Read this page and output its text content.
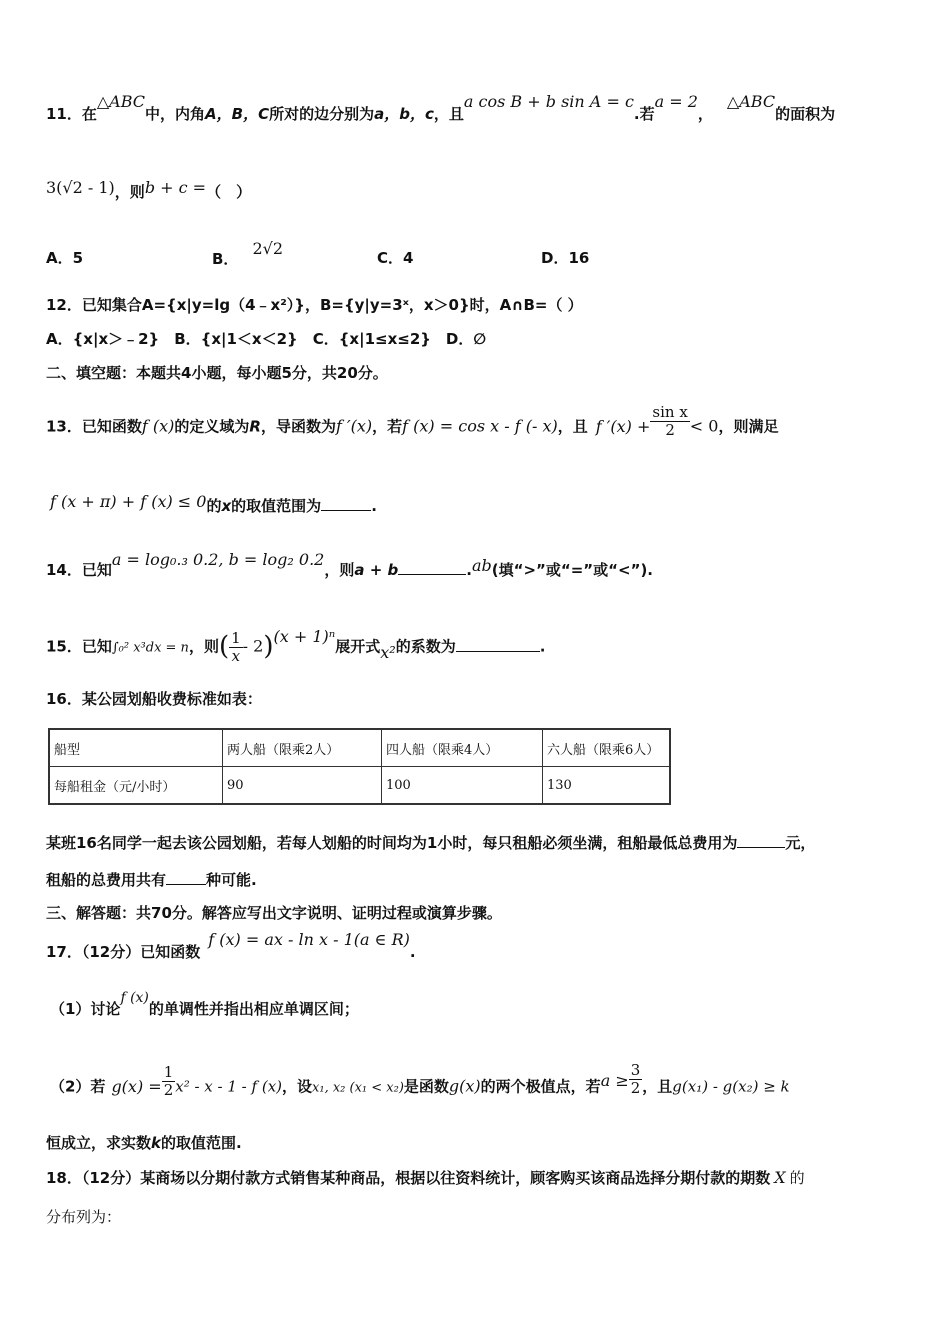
11．在△ABC中，内角A，B，C所对的边分别为a，b，c，且a cos B + b sin A = c.若a = 2，△ABC的面积为
3(√2 - 1)，则b + c =（　）
A．5	B．2√2	C．4	D．16
12．已知集合A={x|y=lg（4﹣x²）}，B={y|y=3ˣ，x＞0}时，A∩B=（ ）
A．{x|x＞﹣2}　B．{x|1＜x＜2}　C．{x|1≤x≤2}　D．∅
二、填空题：本题共4小题，每小题5分，共20分。
13．已知函数f (x)的定义域为R，导函数为f ′(x)，若f (x) = cos x - f (- x)，且 f $'(x) + \frac{\text{sin x}}{2} < 0$，则满足
f (x + π) + f (x) ≤ 0的x的取值范围为	.
14．已知a = log₀.₃ 0.2, b = log₂ 0.2，则a + b	.ab(填“>”或“=”或“<”).
15．已知∫₀² x³dx = n，则( $\frac{1}{x} - 2)(x + 1)^n$展开式x²的系数为	.
16．某公园划船收费标准如表：
船型	两人船（限乘2人）	四人船（限乘4人）	六人船（限乘6人）
每船租金（元/小时）	90	100	130
某班16名同学一起去该公园划船，若每人划船的时间均为1小时，每只租船必须坐满，租船最低总费用为	元，
租船的总费用共有	种可能.
三、解答题：共70分。解答应写出文字说明、证明过程或演算步骤。
17．（12分）已知函数f (x) = ax - ln x - 1(a ∈ R).
（1）讨论f (x)的单调性并指出相应单调区间；
（2）若 $g(x) = \frac{1}{2} x^2 - x - 1 - f$ (x)，设x₁, x₂ (x₁ < x₂)是函数g(x)的两个极值点，若$a \ge \frac{3}{2}$ ，且g(x₁) - g(x₂) ≥ k
恒成立，求实数k的取值范围.
18．（12分）某商场以分期付款方式销售某种商品，根据以往资料统计，顾客购买该商品选择分期付款的期数 X 的
分布列为：
